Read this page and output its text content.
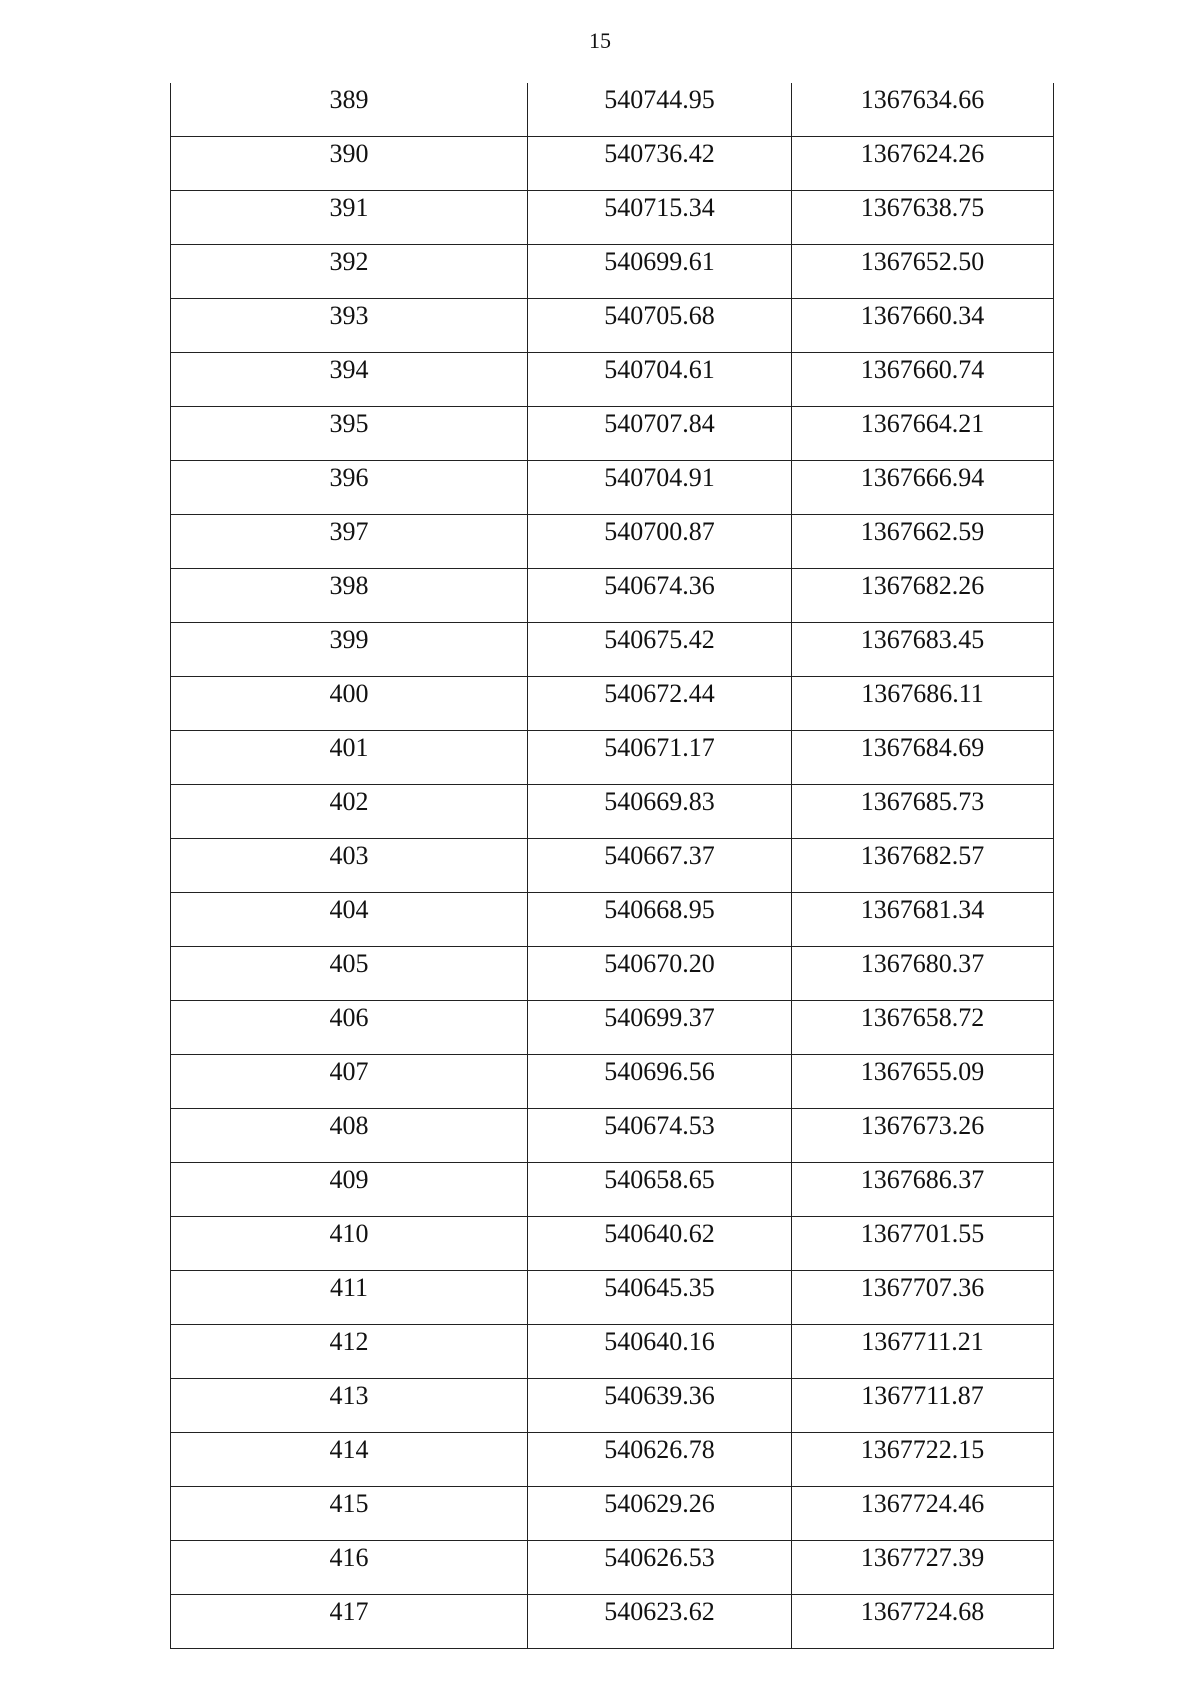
15
389	540744.95	1367634.66

390	540736.42	1367624.26

391	540715.34	1367638.75

392	540699.61	1367652.50

393	540705.68	1367660.34

394	540704.61	1367660.74

395	540707.84	1367664.21

396	540704.91	1367666.94

397	540700.87	1367662.59

398	540674.36	1367682.26

399	540675.42	1367683.45

400	540672.44	1367686.11

401	540671.17	1367684.69

402	540669.83	1367685.73

403	540667.37	1367682.57

404	540668.95	1367681.34

405	540670.20	1367680.37

406	540699.37	1367658.72

407	540696.56	1367655.09

408	540674.53	1367673.26

409	540658.65	1367686.37

410	540640.62	1367701.55

411	540645.35	1367707.36

412	540640.16	1367711.21

413	540639.36	1367711.87

414	540626.78	1367722.15

415	540629.26	1367724.46

416	540626.53	1367727.39

417	540623.62	1367724.68
